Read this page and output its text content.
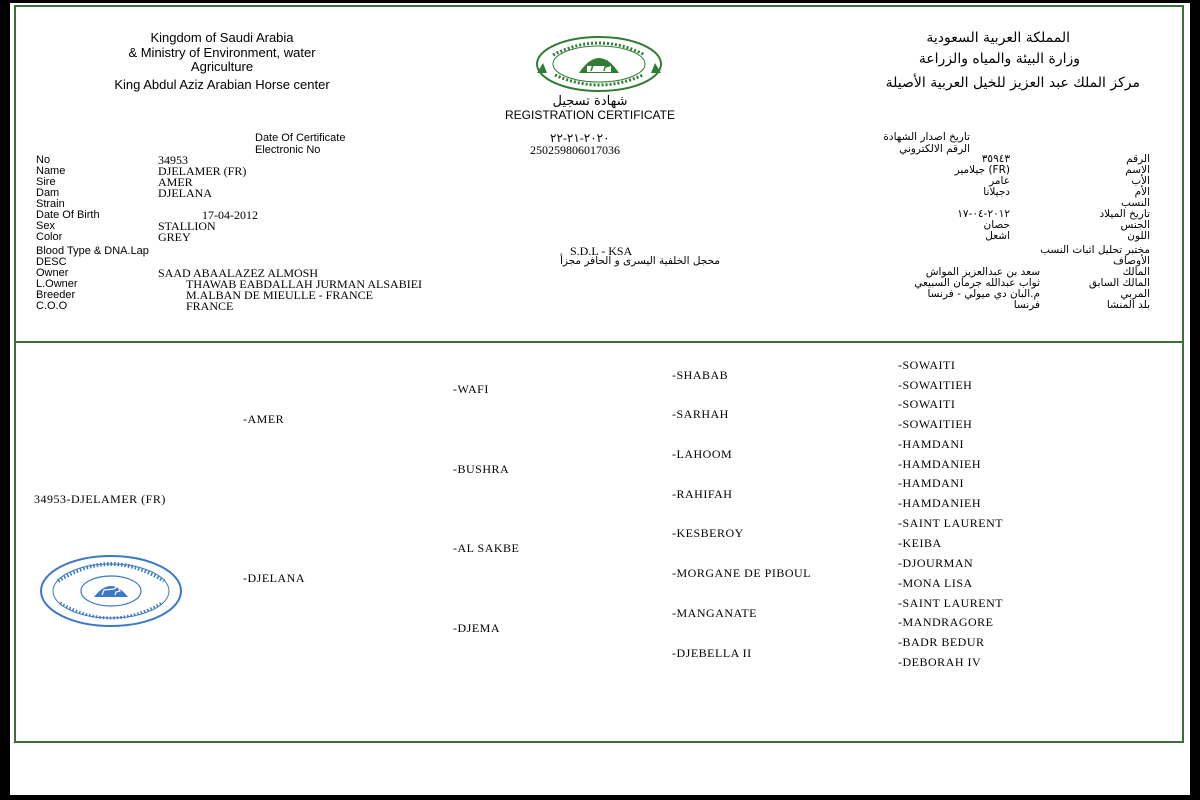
Kingdom of Saudi Arabia
& Ministry of Environment, water
Agriculture
King Abdul Aziz Arabian Horse center
المملكة العربية السعودية
وزارة البيئة والمياه والزراعة
مركز الملك عبد العزيز للخيل العربية الأصيلة
شهادة تسجيل
REGISTRATION CERTIFICATE
Date Of Certificate	٢٠٢٠-٢١-٢٢	تاريخ اصدار الشهادة
Electronic No	250259806017036	الرقم الالكتروني
No	34953	٣٥٩٤٣	الرقم
Name	DJELAMER (FR)	(FR) جيلامير	الاسم
Sire	AMER	عامر	الأب
Dam	DJELANA	دجيلانا	الأم
Strain	النسب
Date Of Birth	17-04-2012	٢٠١٢-٠٤-١٧	تاريخ الميلاد
Sex	STALLION	حصان	الجنس
Color	GREY	اشعل	اللون
Blood Type & DNA.Lap	S.D.L - KSA	مختبر تحليل اثبات النسب
DESC	محجل الخلفية اليسرى و الحافر مجزأ	الأوصاف
Owner	SAAD ABAALAZEZ ALMOSH	سعد بن عبدالعزيز المواش	المالك
L.Owner	THAWAB EABDALLAH JURMAN ALSABIEI	ثواب عبدالله جرمان السبيعي	المالك السابق
Breeder	M.ALBAN DE MIEULLE - FRANCE	م.البان دي ميولي - فرنسا	المربي
C.O.O	FRANCE	فرنسا	بلد المنشا
34953-DJELAMER (FR)
-AMER
-DJELANA
-WAFI
-BUSHRA
-AL SAKBE
-DJEMA
-SHABAB
-SARHAH
-LAHOOM
-RAHIFAH
-KESBEROY
-MORGANE DE PIBOUL
-MANGANATE
-DJEBELLA II
-SOWAITI
-SOWAITIEH
-SOWAITI
-SOWAITIEH
-HAMDANI
-HAMDANIEH
-HAMDANI
-HAMDANIEH
-SAINT LAURENT
-KEIBA
-DJOURMAN
-MONA LISA
-SAINT LAURENT
-MANDRAGORE
-BADR BEDUR
-DEBORAH IV
